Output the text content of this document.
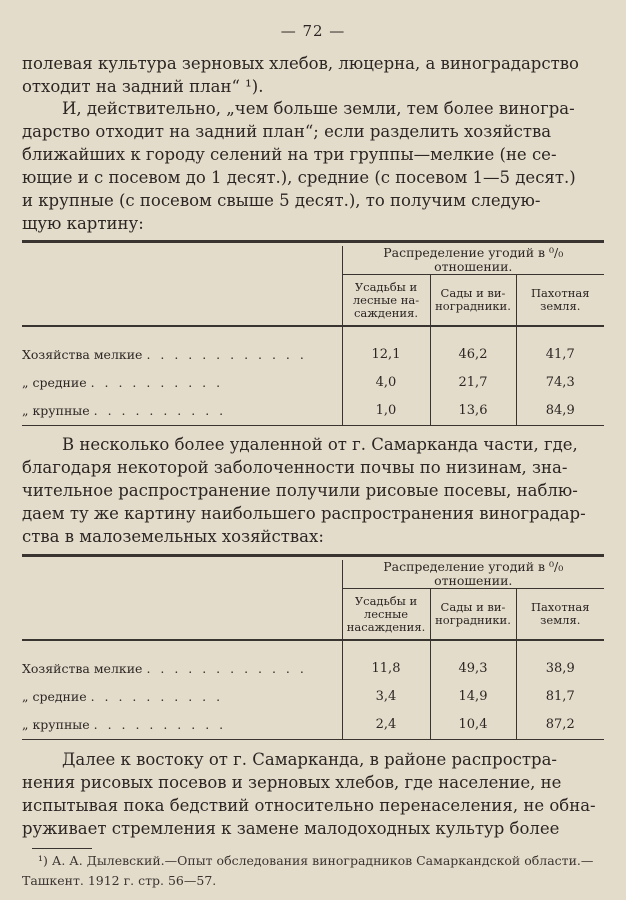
— 72 —
полевая культура зерновых хлебов, люцерна, а виноградарство
отходит на задний план“ ¹).
И, действительно, „чем больше земли, тем более виногра-
дарство отходит на задний план“; если разделить хозяйства
ближайших к городу селений на три группы—мелкие (не се-
ющие и с посевом до 1 десят.), средние (с посевом 1—5 десят.)
и крупные (с посевом свыше 5 десят.), то получим следую-
щую картину:

	Распределение угодий в ⁰/₀ отношении.		
	Усадьбы и лесные на-саждения.	Сады и ви-ноградники.	Пахотная земля.

Хозяйства мелкие . . . . . . . . . . . .	12,1	46,2	41,7
„ средние . . . . . . . . . .	4,0	21,7	74,3
„ крупные . . . . . . . . . .	1,0	13,6	84,9

В несколько более удаленной от г. Самарканда части, где,
благодаря некоторой заболоченности почвы по низинам, зна-
чительное распространение получили рисовые посевы, наблю-
даем ту же картину наибольшего распространения виноградар-
ства в малоземельных хозяйствах:

	Распределение угодий в ⁰/₀ отношении.		
	Усадьбы и лесные насаждения.	Сады и ви-ноградники.	Пахотная земля.

Хозяйства мелкие . . . . . . . . . . . .	11,8	49,3	38,9
„ средние . . . . . . . . . .	3,4	14,9	81,7
„ крупные . . . . . . . . . .	2,4	10,4	87,2

Далее к востоку от г. Самарканда, в районе распростра-
нения рисовых посевов и зерновых хлебов, где население, не
испытывая пока бедствий относительно перенаселения, не обна-
руживает стремления к замене малодоходных культур более
¹) А. А. Дылевский.—Опыт обследования виноградников Самаркандской области.—
Ташкент. 1912 г. стр. 56—57.
